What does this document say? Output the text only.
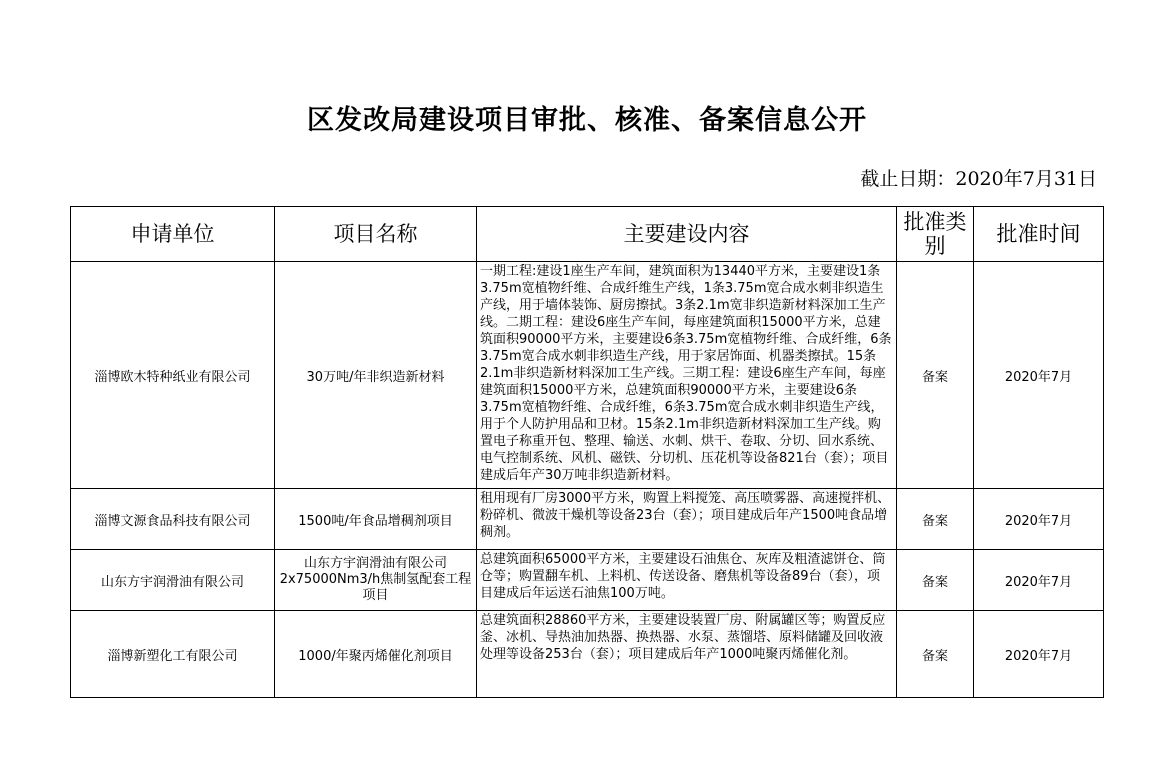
区发改局建设项目审批、核准、备案信息公开
截止日期：2020年7月31日
申请单位	项目名称	主要建设内容	批准类别	批准时间
淄博欧木特种纸业有限公司	30万吨/年非织造新材料	一期工程:建设1座生产车间，建筑面积为13440平方米，主要建设1条3.75m宽植物纤维、合成纤维生产线，1条3.75m宽合成水刺非织造生产线，用于墙体装饰、厨房擦拭。3条2.1m宽非织造新材料深加工生产线。二期工程：建设6座生产车间，每座建筑面积15000平方米，总建筑面积90000平方米，主要建设6条3.75m宽植物纤维、合成纤维，6条3.75m宽合成水刺非织造生产线，用于家居饰面、机器类擦拭。15条2.1m非织造新材料深加工生产线。三期工程：建设6座生产车间，每座建筑面积15000平方米，总建筑面积90000平方米，主要建设6条3.75m宽植物纤维、合成纤维，6条3.75m宽合成水刺非织造生产线，用于个人防护用品和卫材。15条2.1m非织造新材料深加工生产线。购置电子称重开包、整理、输送、水刺、烘干、卷取、分切、回水系统、电气控制系统、风机、磁铁、分切机、压花机等设备821台（套）；项目建成后年产30万吨非织造新材料。	备案	2020年7月
淄博文源食品科技有限公司	1500吨/年食品增稠剂项目	租用现有厂房3000平方米，购置上料搅笼、高压喷雾器、高速搅拌机、粉碎机、微波干燥机等设备23台（套）；项目建成后年产1500吨食品增稠剂。	备案	2020年7月
山东方宇润滑油有限公司	山东方宇润滑油有限公司2x75000Nm3/h焦制氢配套工程项目	总建筑面积65000平方米，主要建设石油焦仓、灰库及粗渣滤饼仓、筒仓等；购置翻车机、上料机、传送设备、磨焦机等设备89台（套），项目建成后年运送石油焦100万吨。	备案	2020年7月
淄博新塑化工有限公司	1000/年聚丙烯催化剂项目	总建筑面积28860平方米，主要建设装置厂房、附属罐区等；购置反应釜、冰机、导热油加热器、换热器、水泵、蒸馏塔、原料储罐及回收液处理等设备253台（套）；项目建成后年产1000吨聚丙烯催化剂。	备案	2020年7月
